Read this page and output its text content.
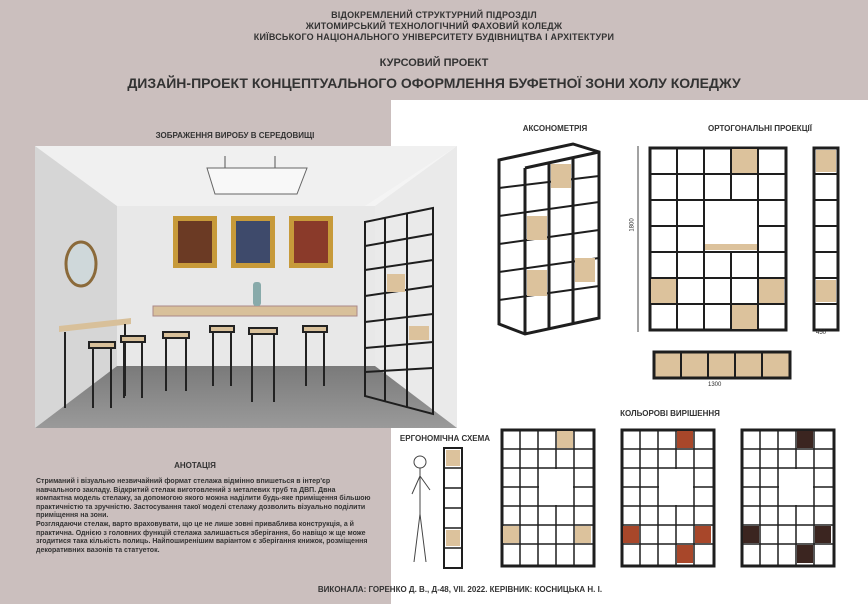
ВІДОКРЕМЛЕНИЙ СТРУКТУРНИЙ ПІДРОЗДІЛ
ЖИТОМИРСЬКИЙ ТЕХНОЛОГІЧНИЙ ФАХОВИЙ КОЛЕДЖ
КИЇВСЬКОГО НАЦІОНАЛЬНОГО УНІВЕРСИТЕТУ БУДІВНИЦТВА І АРХІТЕКТУРИ
КУРСОВИЙ ПРОЕКТ
ДИЗАЙН-ПРОЕКТ КОНЦЕПТУАЛЬНОГО ОФОРМЛЕННЯ БУФЕТНОЇ ЗОНИ ХОЛУ КОЛЕДЖУ
ЗОБРАЖЕННЯ ВИРОБУ В СЕРЕДОВИЩІ
АКСОНОМЕТРІЯ	ОРТОГОНАЛЬНІ ПРОЕКЦІЇ
КОЛЬОРОВІ ВИРІШЕННЯ
ЕРГОНОМІЧНА СХЕМА
АНОТАЦІЯ
1800
450
1300
Стриманий і візуально незвичайний формат стелажа відмінно впишеться в інтер'єр
навчального закладу. Відкритий стелаж виготовлений з металевих труб та ДВП. Двна
компактна модель стелажу, за допомогою якого можна наділити будь-яке приміщення більшою
практичністю та зручністю. Застосування такої моделі стелажу дозволить візуально поділити
приміщення на зони.
Розглядаючи стелаж, варто враховувати, що це не лише зовні приваблива конструкція, а й
практична. Однією з головних функцій стелажа залишається зберігання, бо навіщо ж ще може
згодитися така кількість полиць. Найпоширенішим варіантом є зберігання книжок, розміщення
декоративних вазонів та статуеток.
ВИКОНАЛА: ГОРЕНКО Д. В., Д-48, VII. 2022. КЕРІВНИК: КОСНИЦЬКА Н. І.
